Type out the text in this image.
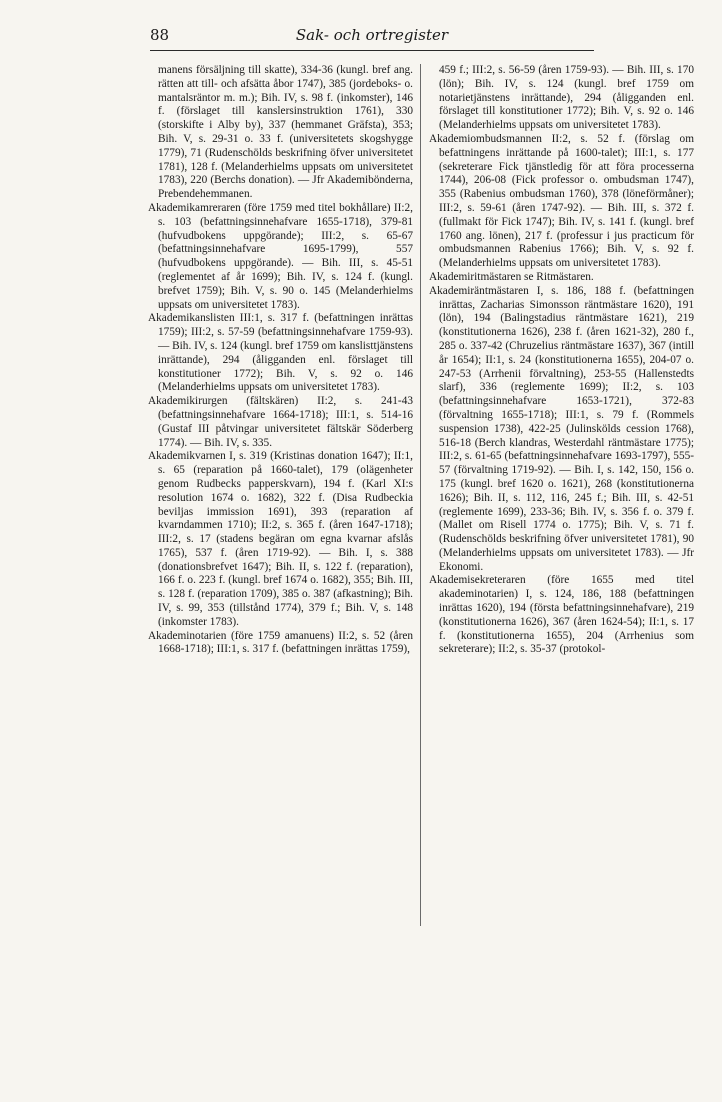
88	Sak- och ortregister

manens försäljning till skatte), 334-36 (kungl. bref ang. rätten att till- och afsätta åbor 1747), 385 (jordeboks- o. mantalsräntor m. m.); Bih. IV, s. 98 f. (inkomster), 146 f. (förslaget till kanslersinstruktion 1761), 330 (storskifte i Alby by), 337 (hemmanet Gräfsta), 353; Bih. V, s. 29-31 o. 33 f. (universitetets skogshygge 1779), 71 (Rudenschölds beskrifning öfver universitetet 1781), 128 f. (Melanderhielms uppsats om universitetet 1783), 220 (Berchs donation). — Jfr Akademibönderna, Prebendehemmanen.

Akademikamreraren (före 1759 med titel bokhållare) II:2, s. 103 (befattningsinnehafvare 1655-1718), 379-81 (hufvudbokens uppgörande); III:2, s. 65-67 (befattningsinnehafvare 1695-1799), 557 (hufvudbokens uppgörande). — Bih. III, s. 45-51 (reglementet af år 1699); Bih. IV, s. 124 f. (kungl. brefvet 1759); Bih. V, s. 90 o. 145 (Melanderhielms uppsats om universitetet 1783).

Akademikanslisten III:1, s. 317 f. (befattningen inrättas 1759); III:2, s. 57-59 (befattningsinnehafvare 1759-93). — Bih. IV, s. 124 (kungl. bref 1759 om kanslisttjänstens inrättande), 294 (åligganden enl. förslaget till konstitutioner 1772); Bih. V, s. 92 o. 146 (Melanderhielms uppsats om universitetet 1783).

Akademikirurgen (fältskären) II:2, s. 241-43 (befattningsinnehafvare 1664-1718); III:1, s. 514-16 (Gustaf III påtvingar universitetet fältskär Söderberg 1774). — Bih. IV, s. 335.

Akademikvarnen I, s. 319 (Kristinas donation 1647); II:1, s. 65 (reparation på 1660-talet), 179 (olägenheter genom Rudbecks papperskvarn), 194 f. (Karl XI:s resolution 1674 o. 1682), 322 f. (Disa Rudbeckia beviljas immission 1691), 393 (reparation af kvarndammen 1710); II:2, s. 365 f. (åren 1647-1718); III:2, s. 17 (stadens begäran om egna kvarnar afslås 1765), 537 f. (åren 1719-92). — Bih. I, s. 388 (donationsbrefvet 1647); Bih. II, s. 122 f. (reparation), 166 f. o. 223 f. (kungl. bref 1674 o. 1682), 355; Bih. III, s. 128 f. (reparation 1709), 385 o. 387 (afkastning); Bih. IV, s. 99, 353 (tillstånd 1774), 379 f.; Bih. V, s. 148 (inkomster 1783).

Akademinotarien (före 1759 amanuens) II:2, s. 52 (åren 1668-1718); III:1, s. 317 f. (befattningen inrättas 1759),

459 f.; III:2, s. 56-59 (åren 1759-93). — Bih. III, s. 170 (lön); Bih. IV, s. 124 (kungl. bref 1759 om notarietjänstens inrättande), 294 (åligganden enl. förslaget till konstitutioner 1772); Bih. V, s. 92 o. 146 (Melanderhielms uppsats om universitetet 1783).

Akademiombudsmannen II:2, s. 52 f. (förslag om befattningens inrättande på 1600-talet); III:1, s. 177 (sekreterare Fick tjänstledig för att föra processerna 1744), 206-08 (Fick professor o. ombudsman 1747), 355 (Rabenius ombudsman 1760), 378 (löneförmåner); III:2, s. 59-61 (åren 1747-92). — Bih. III, s. 372 f. (fullmakt för Fick 1747); Bih. IV, s. 141 f. (kungl. bref 1760 ang. lönen), 217 f. (professur i jus practicum för ombudsmannen Rabenius 1766); Bih. V, s. 92 f. (Melanderhielms uppsats om universitetet 1783).

Akademiritmästaren se Ritmästaren.

Akademiräntmästaren I, s. 186, 188 f. (befattningen inrättas, Zacharias Simonsson räntmästare 1620), 191 (lön), 194 (Balingstadius räntmästare 1621), 219 (konstitutionerna 1626), 238 f. (åren 1621-32), 280 f., 285 o. 337-42 (Chruzelius räntmästare 1637), 367 (intill år 1654); II:1, s. 24 (konstitutionerna 1655), 204-07 o. 247-53 (Arrhenii förvaltning), 253-55 (Hallenstedts slarf), 336 (reglemente 1699); II:2, s. 103 (befattningsinnehafvare 1653-1721), 372-83 (förvaltning 1655-1718); III:1, s. 79 f. (Rommels suspension 1738), 422-25 (Julinskölds cession 1768), 516-18 (Berch klandras, Westerdahl räntmästare 1775); III:2, s. 61-65 (befattningsinnehafvare 1693-1797), 555-57 (förvaltning 1719-92). — Bih. I, s. 142, 150, 156 o. 175 (kungl. bref 1620 o. 1621), 268 (konstitutionerna 1626); Bih. II, s. 112, 116, 245 f.; Bih. III, s. 42-51 (reglemente 1699), 233-36; Bih. IV, s. 356 f. o. 379 f. (Mallet om Risell 1774 o. 1775); Bih. V, s. 71 f. (Rudenschölds beskrifning öfver universitetet 1781), 90 (Melanderhielms uppsats om universitetet 1783). — Jfr Ekonomi.

Akademisekreteraren (före 1655 med titel akademinotarien) I, s. 124, 186, 188 (befattningen inrättas 1620), 194 (första befattningsinnehafvare), 219 (konstitutionerna 1626), 367 (åren 1624-54); II:1, s. 17 f. (konstitutionerna 1655), 204 (Arrhenius som sekreterare); II:2, s. 35-37 (protokol-
